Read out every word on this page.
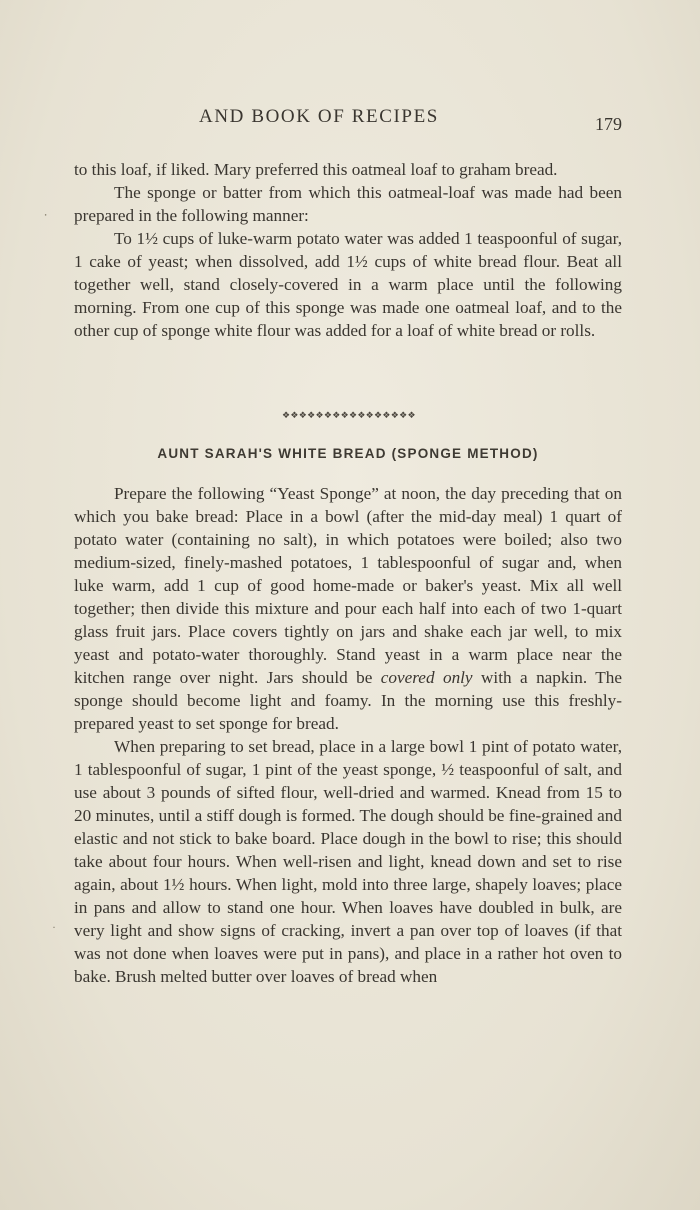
AND BOOK OF RECIPES	179

to this loaf, if liked. Mary preferred this oatmeal loaf to graham bread.

The sponge or batter from which this oatmeal-loaf was made had been prepared in the following manner:

To 1½ cups of luke-warm potato water was added 1 teaspoonful of sugar, 1 cake of yeast; when dissolved, add 1½ cups of white bread flour. Beat all together well, stand closely-covered in a warm place until the following morning. From one cup of this sponge was made one oatmeal loaf, and to the other cup of sponge white flour was added for a loaf of white bread or rolls.

❖❖❖❖❖❖❖❖❖❖❖❖❖❖❖❖
AUNT SARAH'S WHITE BREAD (SPONGE METHOD)

Prepare the following “Yeast Sponge” at noon, the day preceding that on which you bake bread: Place in a bowl (after the mid-day meal) 1 quart of potato water (containing no salt), in which potatoes were boiled; also two medium-sized, finely-mashed potatoes, 1 tablespoonful of sugar and, when luke warm, add 1 cup of good home-made or baker's yeast. Mix all well together; then divide this mixture and pour each half into each of two 1-quart glass fruit jars. Place covers tightly on jars and shake each jar well, to mix yeast and potato-water thoroughly. Stand yeast in a warm place near the kitchen range over night. Jars should be covered only with a napkin. The sponge should become light and foamy. In the morning use this freshly-prepared yeast to set sponge for bread.

When preparing to set bread, place in a large bowl 1 pint of potato water, 1 tablespoonful of sugar, 1 pint of the yeast sponge, ½ teaspoonful of salt, and use about 3 pounds of sifted flour, well-dried and warmed. Knead from 15 to 20 minutes, until a stiff dough is formed. The dough should be fine-grained and elastic and not stick to bake board. Place dough in the bowl to rise; this should take about four hours. When well-risen and light, knead down and set to rise again, about 1½ hours. When light, mold into three large, shapely loaves; place in pans and allow to stand one hour. When loaves have doubled in bulk, are very light and show signs of cracking, invert a pan over top of loaves (if that was not done when loaves were put in pans), and place in a rather hot oven to bake. Brush melted butter over loaves of bread when

⸱
·
